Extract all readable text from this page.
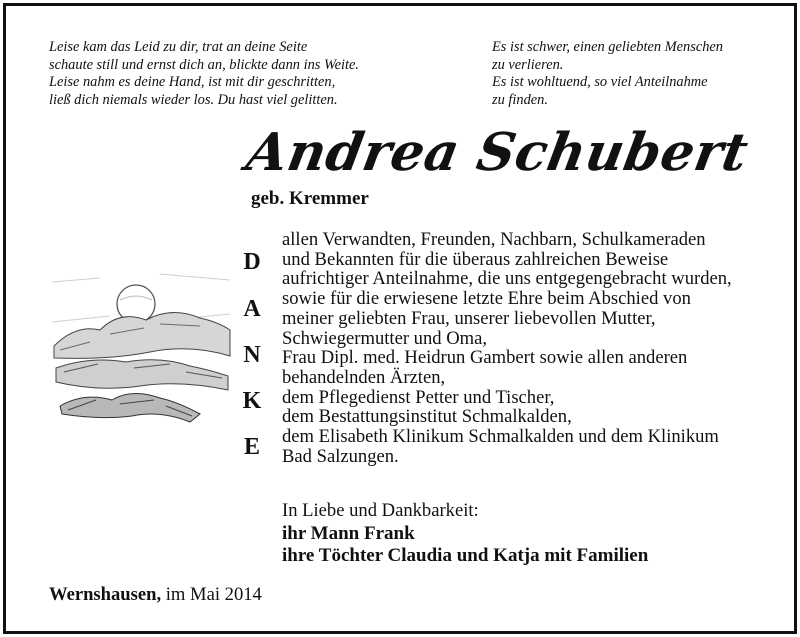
Leise kam das Leid zu dir, trat an deine Seite
schaute still und ernst dich an, blickte dann ins Weite.
Leise nahm es deine Hand, ist mit dir geschritten,
ließ dich niemals wieder los. Du hast viel gelitten.
Es ist schwer, einen geliebten Menschen
zu verlieren.
Es ist wohltuend, so viel Anteilnahme
zu finden.
Andrea Schubert
geb. Kremmer
D
A
N
K
E
allen Verwandten, Freunden, Nachbarn, Schulkameraden
und Bekannten für die überaus zahlreichen Beweise
aufrichtiger Anteilnahme, die uns entgegengebracht wurden,
sowie für die erwiesene letzte Ehre beim Abschied von
meiner geliebten Frau, unserer liebevollen Mutter,
Schwiegermutter und Oma,
Frau Dipl. med. Heidrun Gambert sowie allen anderen
behandelnden Ärzten,
dem Pflegedienst Petter und Tischer,
dem Bestattungsinstitut Schmalkalden,
dem Elisabeth Klinikum Schmalkalden und dem Klinikum
Bad Salzungen.
In Liebe und Dankbarkeit:
ihr Mann Frank
ihre Töchter Claudia und Katja mit Familien
Wernshausen, im Mai 2014
